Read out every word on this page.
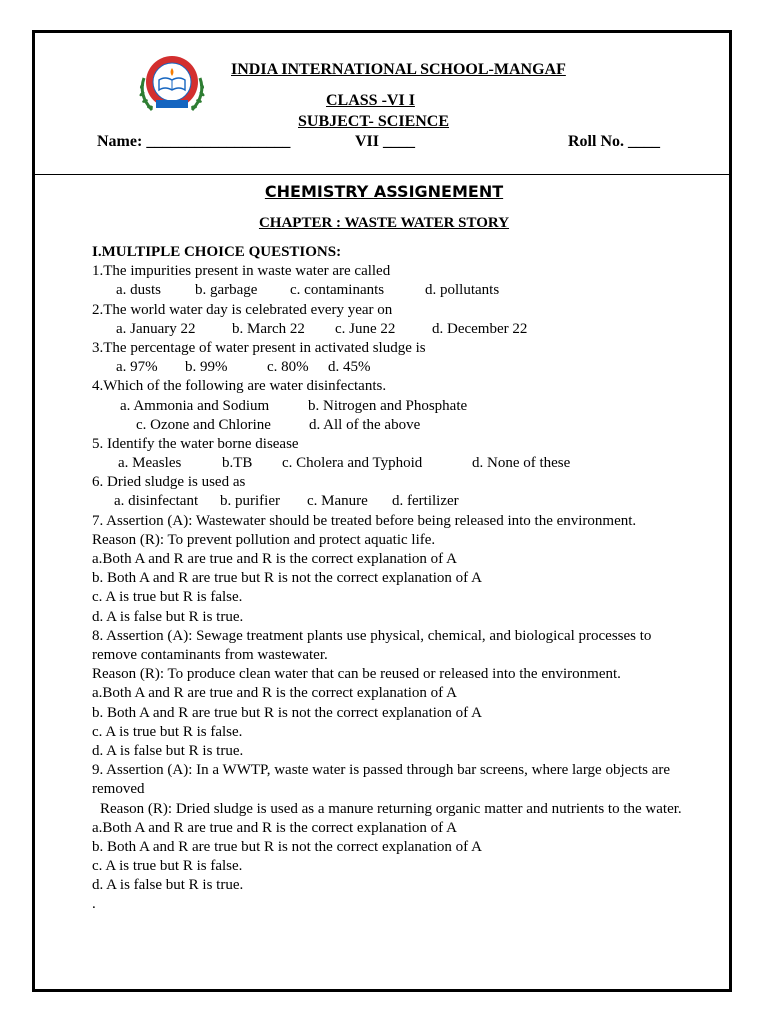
INDIA INTERNATIONAL SCHOOL-MANGAF
CLASS -VI I
SUBJECT- SCIENCE
Name: __________________	VII ____	Roll No. ____
CHEMISTRY ASSIGNEMENT
CHAPTER : WASTE WATER STORY
I.MULTIPLE CHOICE QUESTIONS:
1.The impurities present in waste water are called
a. dusts b. garbage c. contaminants	d. pollutants
2.The world water day is celebrated every year on
a. January 22 b. March 22 c. June 22 d. December 22
3.The percentage of water present in activated sludge is
a. 97% b. 99%	c. 80% d. 45%
4.Which of the following are water disinfectants.
a. Ammonia and Sodium	b. Nitrogen and Phosphate
c. Ozone and Chlorine	d. All of the above
5. Identify the water borne disease
a. Measles	b.TB c. Cholera and Typhoid	d. None of these
6. Dried sludge is used as
a. disinfectant b. purifier c. Manure d. fertilizer
7. Assertion (A): Wastewater should be treated before being released into the environment.
Reason (R): To prevent pollution and protect aquatic life.
a.Both A and R are true and R is the correct explanation of A
b. Both A and R are true but R is not the correct explanation of A
c. A is true but R is false.
d. A is false but R is true.
8. Assertion (A): Sewage treatment plants use physical, chemical, and biological processes to remove contaminants from wastewater.
Reason (R): To produce clean water that can be reused or released into the environment.
a.Both A and R are true and R is the correct explanation of A
b. Both A and R are true but R is not the correct explanation of A
c. A is true but R is false.
d. A is false but R is true.
9. Assertion (A): In a WWTP, waste water is passed through bar screens, where large objects are removed
Reason (R): Dried sludge is used as a manure returning organic matter and nutrients to the water.
a.Both A and R are true and R is the correct explanation of A
b. Both A and R are true but R is not the correct explanation of A
c. A is true but R is false.
d. A is false but R is true.
.
